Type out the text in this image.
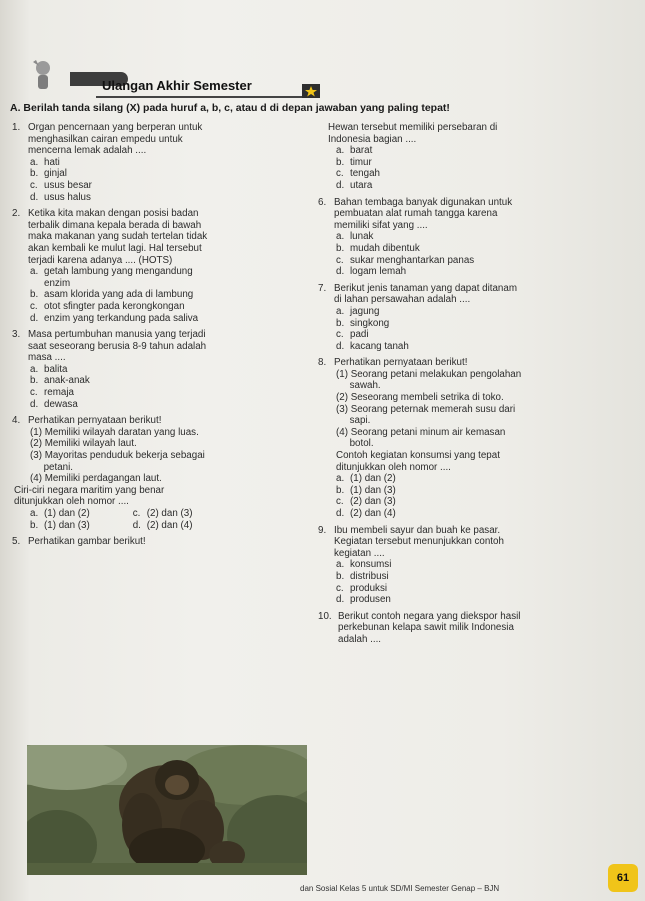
Ulangan Akhir Semester
A. Berilah tanda silang (X) pada huruf a, b, c, atau d di depan jawaban yang paling tepat!
1. Organ pencernaan yang berperan untuk
menghasilkan cairan empedu untuk
mencerna lemak adalah ....
a. hati
b. ginjal
c. usus besar
d. usus halus
2. Ketika kita makan dengan posisi badan
terbalik dimana kepala berada di bawah
maka makanan yang sudah tertelan tidak
akan kembali ke mulut lagi. Hal tersebut
terjadi karena adanya .... (HOTS)
a. getah lambung yang mengandung
enzim
b. asam klorida yang ada di lambung
c. otot sfingter pada kerongkongan
d. enzim yang terkandung pada saliva
3. Masa pertumbuhan manusia yang terjadi
saat seseorang berusia 8-9 tahun adalah
masa ....
a. balita
b. anak-anak
c. remaja
d. dewasa
4. Perhatikan pernyataan berikut!
(1) Memiliki wilayah daratan yang luas.
(2) Memiliki wilayah laut.
(3) Mayoritas penduduk bekerja sebagai
petani.
(4) Memiliki perdagangan laut.
Ciri-ciri negara maritim yang benar
ditunjukkan oleh nomor ....
a. (1) dan (2)	c. (2) dan (3)
b. (1) dan (3)	d. (2) dan (4)
5. Perhatikan gambar berikut!
Hewan tersebut memiliki persebaran di
Indonesia bagian ....
a. barat
b. timur
c. tengah
d. utara
6. Bahan tembaga banyak digunakan untuk
pembuatan alat rumah tangga karena
memiliki sifat yang ....
a. lunak
b. mudah dibentuk
c. sukar menghantarkan panas
d. logam lemah
7. Berikut jenis tanaman yang dapat ditanam
di lahan persawahan adalah ....
a. jagung
b. singkong
c. padi
d. kacang tanah
8. Perhatikan pernyataan berikut!
(1) Seorang petani melakukan pengolahan
sawah.
(2) Seseorang membeli setrika di toko.
(3) Seorang peternak memerah susu dari
sapi.
(4) Seorang petani minum air kemasan
botol.
Contoh kegiatan konsumsi yang tepat
ditunjukkan oleh nomor ....
a. (1) dan (2)
b. (1) dan (3)
c. (2) dan (3)
d. (2) dan (4)
9. Ibu membeli sayur dan buah ke pasar.
Kegiatan tersebut menunjukkan contoh
kegiatan ....
a. konsumsi
b. distribusi
c. produksi
d. produsen
10. Berikut contoh negara yang diekspor hasil
perkebunan kelapa sawit milik Indonesia
adalah ....
dan Sosial Kelas 5 untuk SD/MI Semester Genap – BJN
61
